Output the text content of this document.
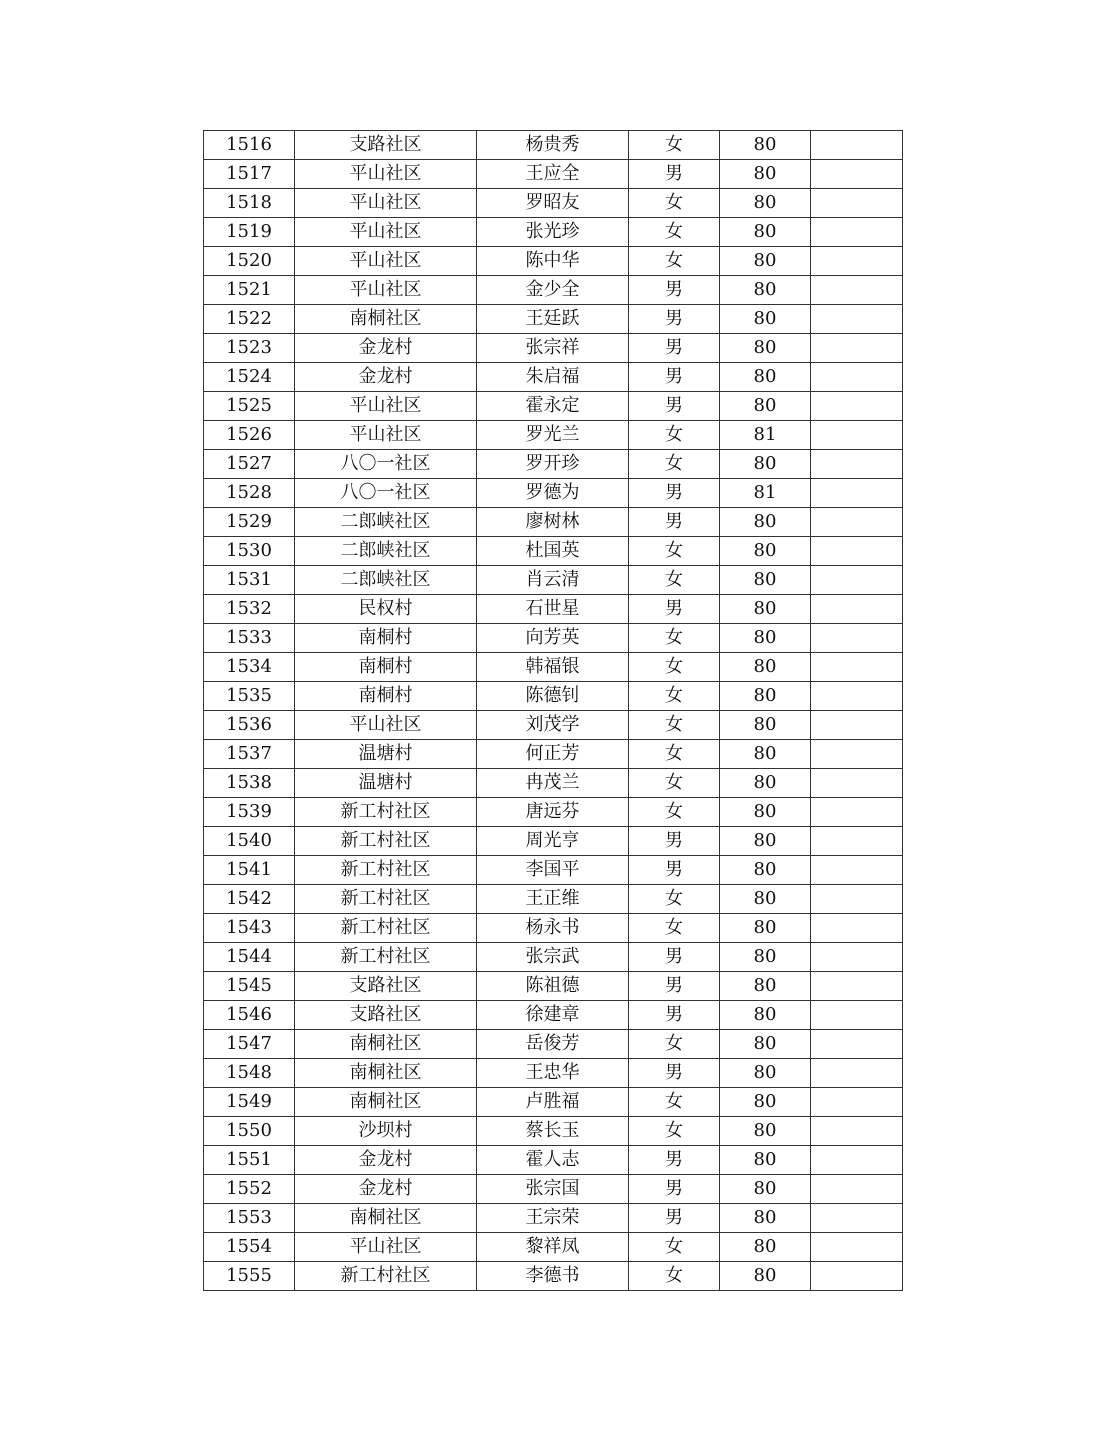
1516	支路社区	杨贵秀	女	80	
1517	平山社区	王应全	男	80	
1518	平山社区	罗昭友	女	80	
1519	平山社区	张光珍	女	80	
1520	平山社区	陈中华	女	80	
1521	平山社区	金少全	男	80	
1522	南桐社区	王廷跃	男	80	
1523	金龙村	张宗祥	男	80	
1524	金龙村	朱启福	男	80	
1525	平山社区	霍永定	男	80	
1526	平山社区	罗光兰	女	81	
1527	八〇一社区	罗开珍	女	80	
1528	八〇一社区	罗德为	男	81	
1529	二郎峡社区	廖树林	男	80	
1530	二郎峡社区	杜国英	女	80	
1531	二郎峡社区	肖云清	女	80	
1532	民权村	石世星	男	80	
1533	南桐村	向芳英	女	80	
1534	南桐村	韩福银	女	80	
1535	南桐村	陈德钊	女	80	
1536	平山社区	刘茂学	女	80	
1537	温塘村	何正芳	女	80	
1538	温塘村	冉茂兰	女	80	
1539	新工村社区	唐远芬	女	80	
1540	新工村社区	周光亨	男	80	
1541	新工村社区	李国平	男	80	
1542	新工村社区	王正维	女	80	
1543	新工村社区	杨永书	女	80	
1544	新工村社区	张宗武	男	80	
1545	支路社区	陈祖德	男	80	
1546	支路社区	徐建章	男	80	
1547	南桐社区	岳俊芳	女	80	
1548	南桐社区	王忠华	男	80	
1549	南桐社区	卢胜福	女	80	
1550	沙坝村	蔡长玉	女	80	
1551	金龙村	霍人志	男	80	
1552	金龙村	张宗国	男	80	
1553	南桐社区	王宗荣	男	80	
1554	平山社区	黎祥凤	女	80	
1555	新工村社区	李德书	女	80	
